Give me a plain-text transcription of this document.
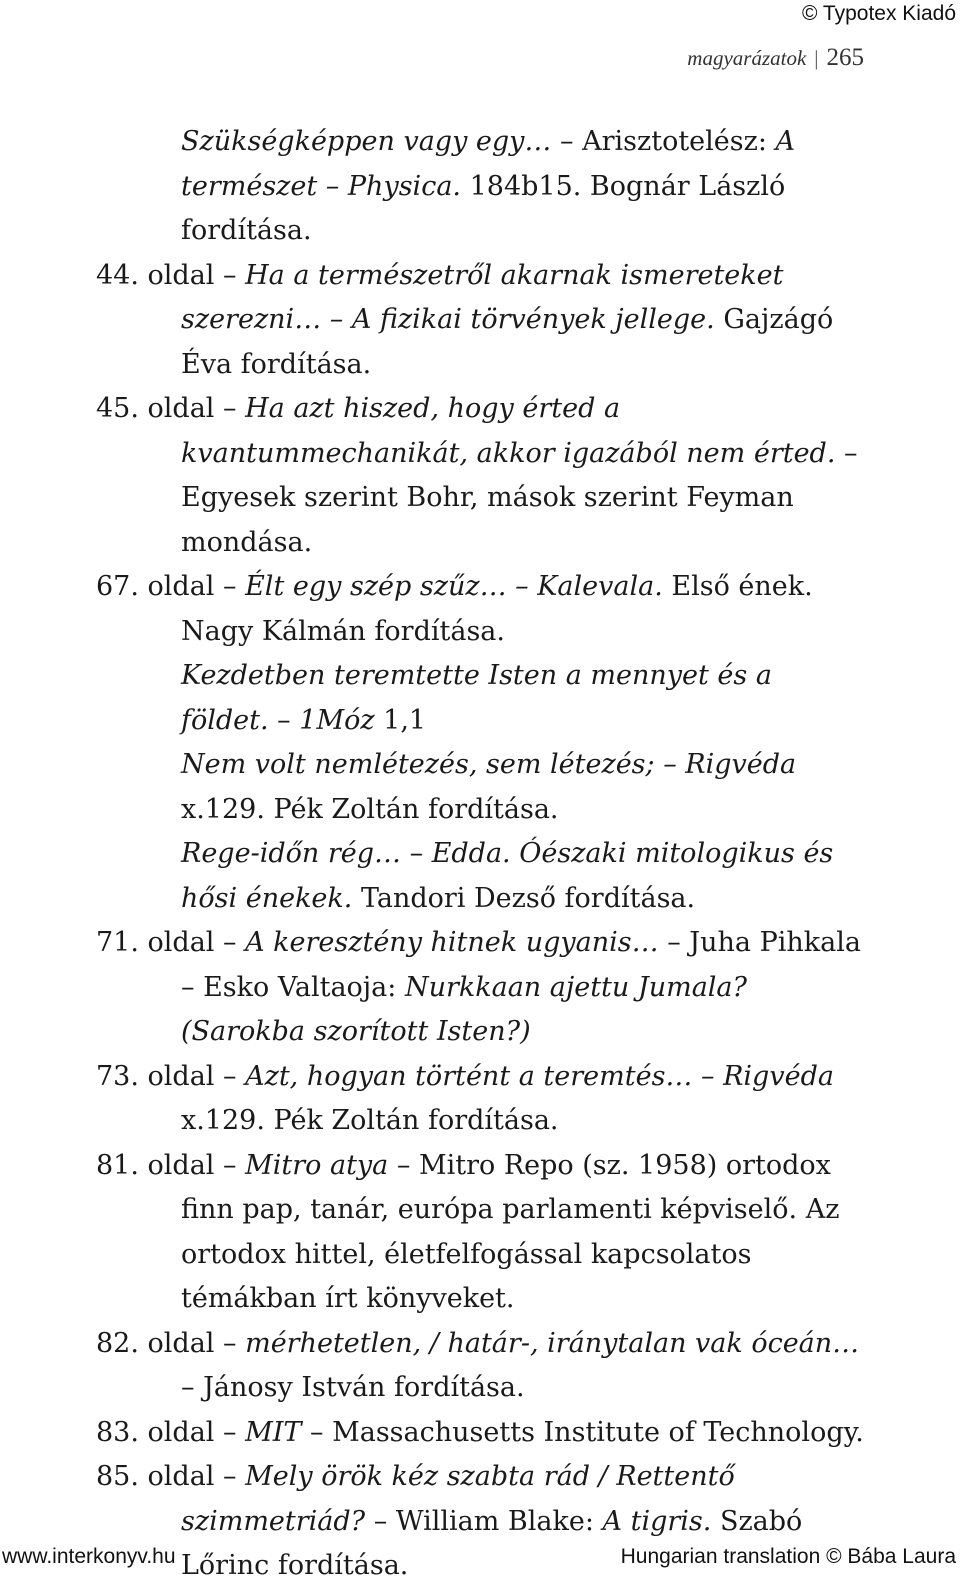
© Typotex Kiadó
magyarázatok | 265

Szükségképpen vagy egy… – Arisztotelész: A természet – Physica. 184b15. Bognár László fordítása.

44. oldal – Ha a természetről akarnak ismereteket szerezni… – A fizikai törvények jellege. Gajzágó Éva fordítása.

45. oldal – Ha azt hiszed, hogy érted a kvantummechanikát, akkor igazából nem érted. – Egyesek szerint Bohr, mások szerint Feyman mondása.

67. oldal – Élt egy szép szűz… – Kalevala. Első ének. Nagy Kálmán fordítása.

Kezdetben teremtette Isten a mennyet és a földet. – 1Móz 1,1

Nem volt nemlétezés, sem létezés; – Rigvéda x.129. Pék Zoltán fordítása.

Rege-időn rég… – Edda. Óészaki mitologikus és hősi énekek. Tandori Dezső fordítása.

71. oldal – A keresztény hitnek ugyanis… – Juha Pihkala – Esko Valtaoja: Nurkkaan ajettu Jumala? (Sarokba szorított Isten?)

73. oldal – Azt, hogyan történt a teremtés… – Rigvéda x.129. Pék Zoltán fordítása.

81. oldal – Mitro atya – Mitro Repo (sz. 1958) ortodox finn pap, tanár, európa parlamenti képviselő. Az ortodox hittel, életfelfogással kapcsolatos témákban írt könyveket.

82. oldal – mérhetetlen, / határ-, iránytalan vak óceán… – Jánosy István fordítása.

83. oldal – MIT – Massachusetts Institute of Technology.

85. oldal – Mely örök kéz szabta rád / Rettentő szimmetriád? – William Blake: A tigris. Szabó Lőrinc fordítása.

www.interkonyv.hu	Hungarian translation © Bába Laura
